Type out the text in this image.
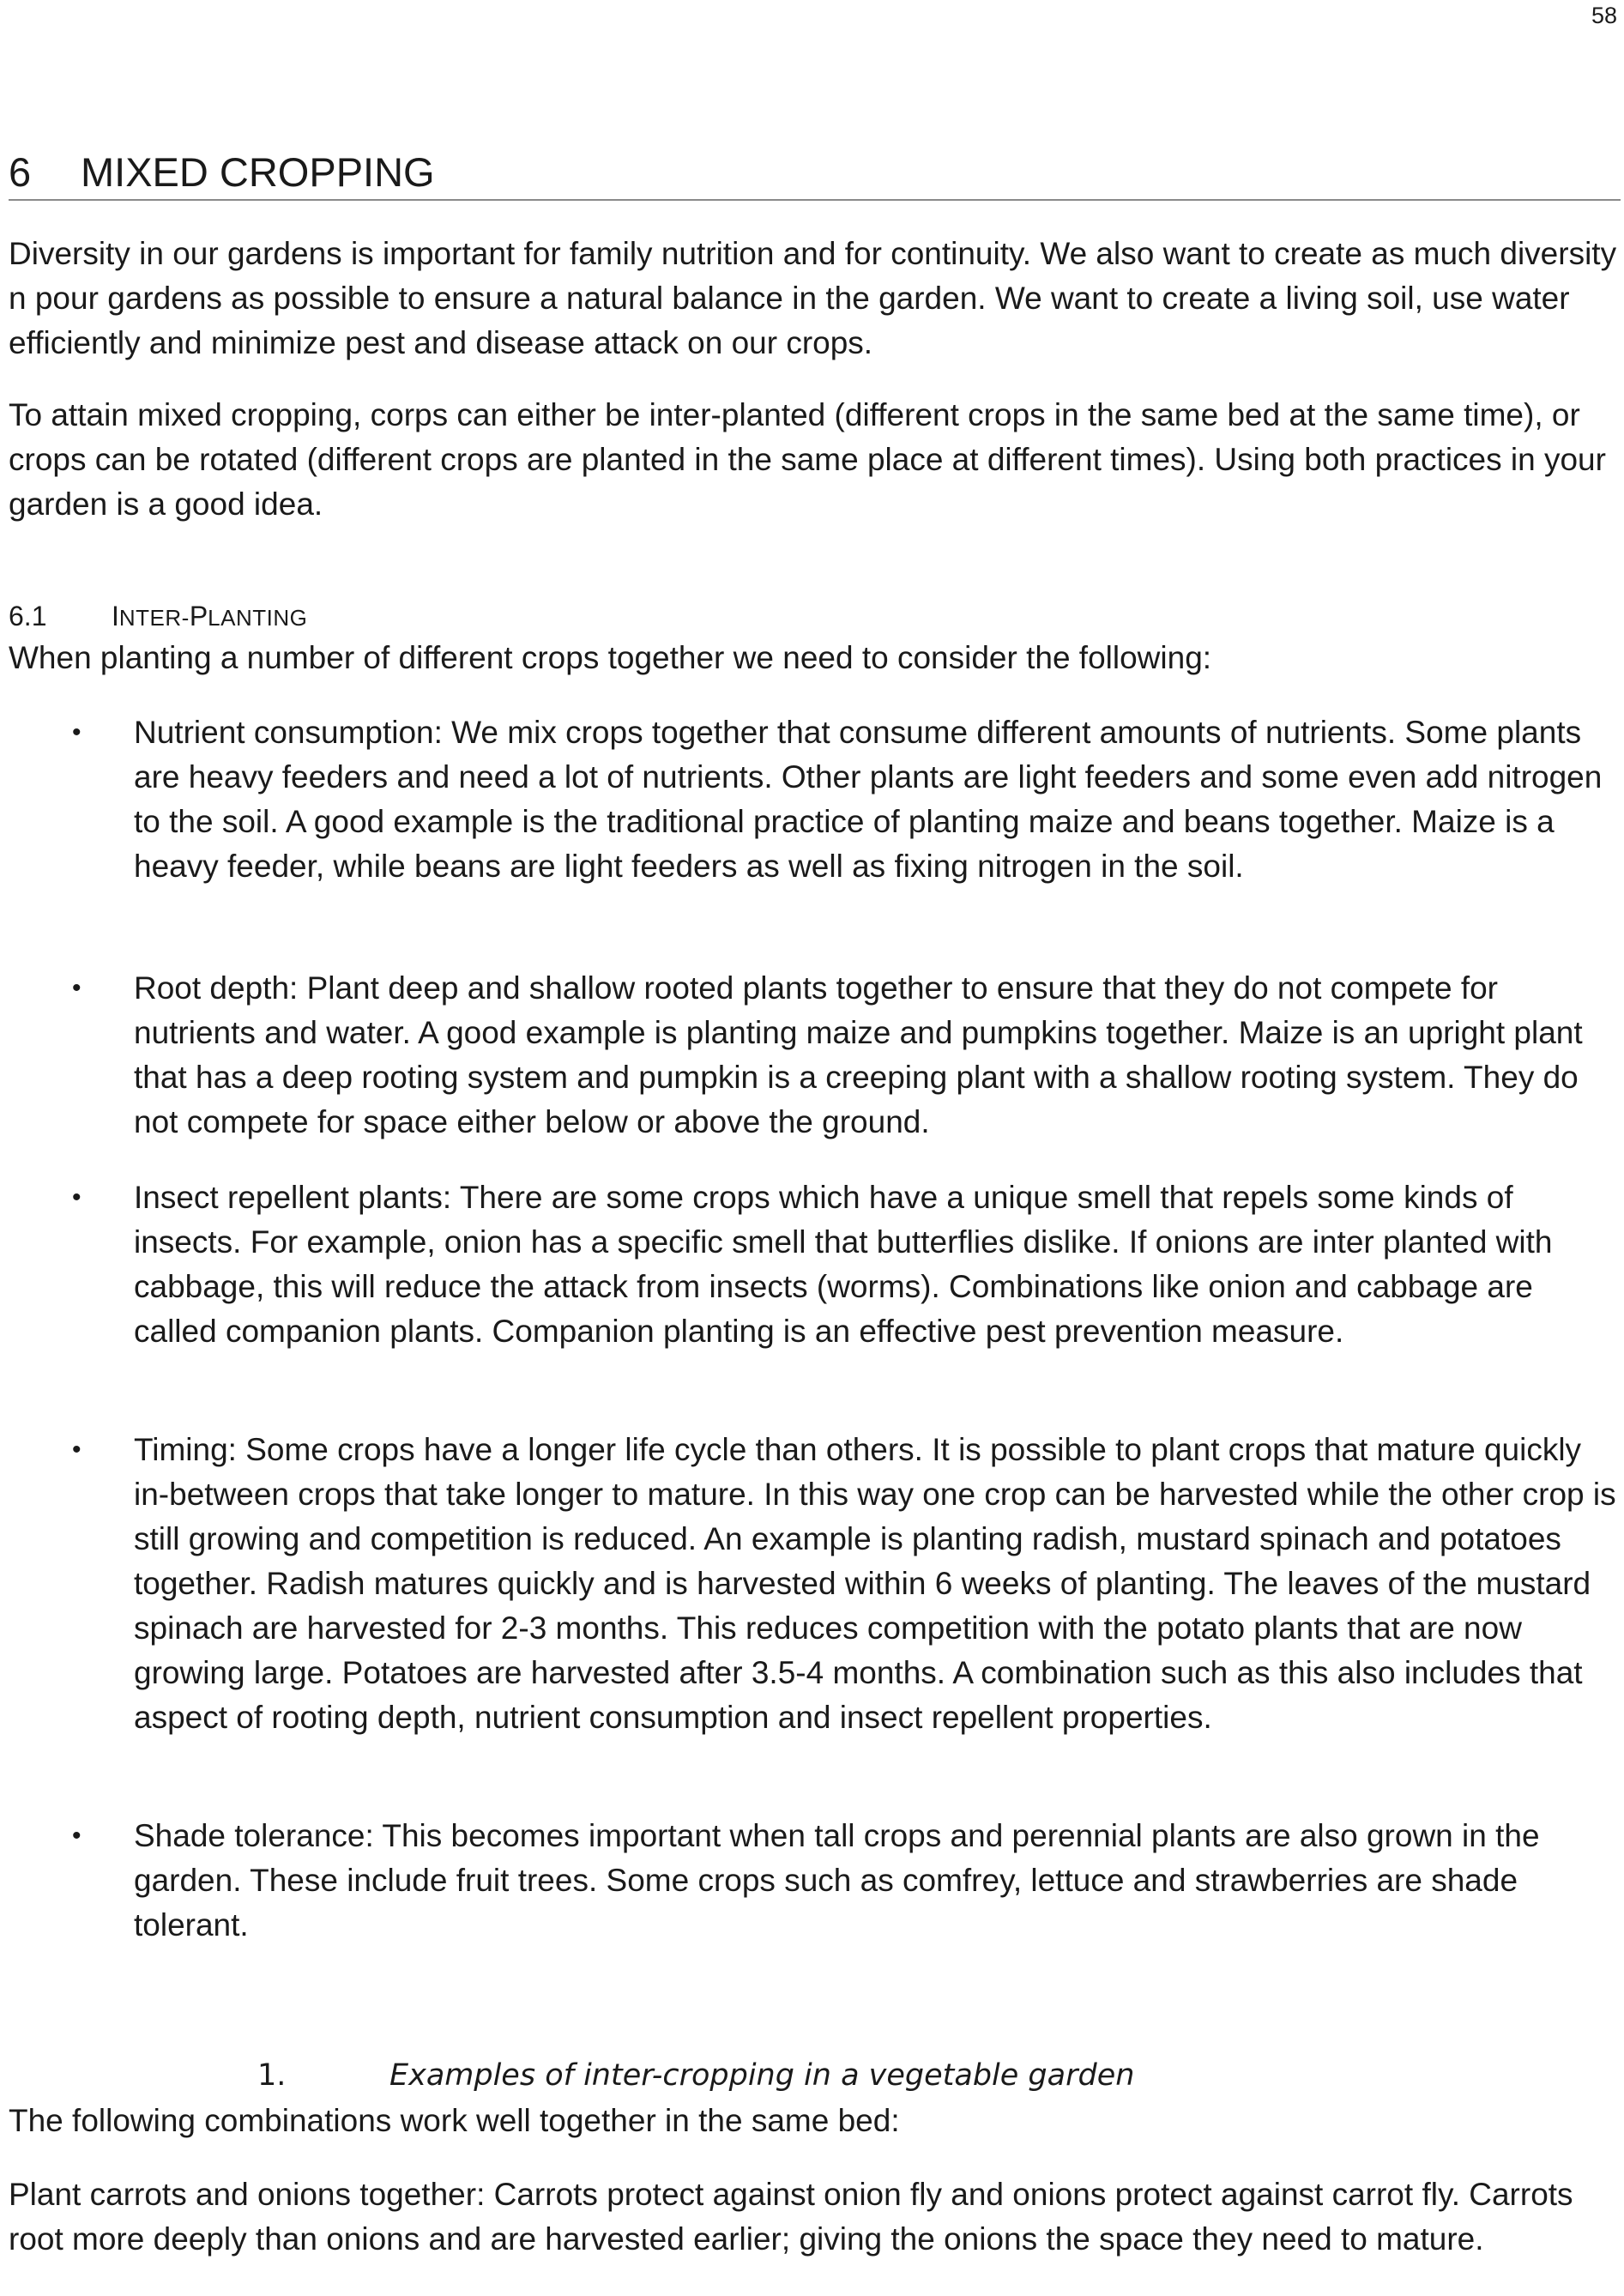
58
6 MIXED CROPPING

Diversity in our gardens is important for family nutrition and for continuity. We also want to create as much diversity n pour gardens as possible to ensure a natural balance in the garden. We want to create a living soil, use water efficiently and minimize pest and disease attack on our crops.

To attain mixed cropping, corps can either be inter-planted (different crops in the same bed at the same time), or crops can be rotated (different crops are planted in the same place at different times). Using both practices in your garden is a good idea.

6.1 INTER-PLANTING

When planting a number of different crops together we need to consider the following:

• Nutrient consumption: We mix crops together that consume different amounts of nutrients. Some plants are heavy feeders and need a lot of nutrients. Other plants are light feeders and some even add nitrogen to the soil. A good example is the traditional practice of planting maize and beans together. Maize is a heavy feeder, while beans are light feeders as well as fixing nitrogen in the soil.
• Root depth: Plant deep and shallow rooted plants together to ensure that they do not compete for nutrients and water. A good example is planting maize and pumpkins together. Maize is an upright plant that has a deep rooting system and pumpkin is a creeping plant with a shallow rooting system. They do not compete for space either below or above the ground.
• Insect repellent plants: There are some crops which have a unique smell that repels some kinds of insects. For example, onion has a specific smell that butterflies dislike. If onions are inter planted with cabbage, this will reduce the attack from insects (worms). Combinations like onion and cabbage are called companion plants. Companion planting is an effective pest prevention measure.
• Timing: Some crops have a longer life cycle than others. It is possible to plant crops that mature quickly in-between crops that take longer to mature. In this way one crop can be harvested while the other crop is still growing and competition is reduced. An example is planting radish, mustard spinach and potatoes together. Radish matures quickly and is harvested within 6 weeks of planting. The leaves of the mustard spinach are harvested for 2-3 months. This reduces competition with the potato plants that are now growing large. Potatoes are harvested after 3.5-4 months. A combination such as this also includes that aspect of rooting depth, nutrient consumption and insect repellent properties.
• Shade tolerance: This becomes important when tall crops and perennial plants are also grown in the garden. These include fruit trees. Some crops such as comfrey, lettuce and strawberries are shade tolerant.
1.	Examples of inter-cropping in a vegetable garden

The following combinations work well together in the same bed:

Plant carrots and onions together: Carrots protect against onion fly and onions protect against carrot fly. Carrots root more deeply than onions and are harvested earlier; giving the onions the space they need to mature.
